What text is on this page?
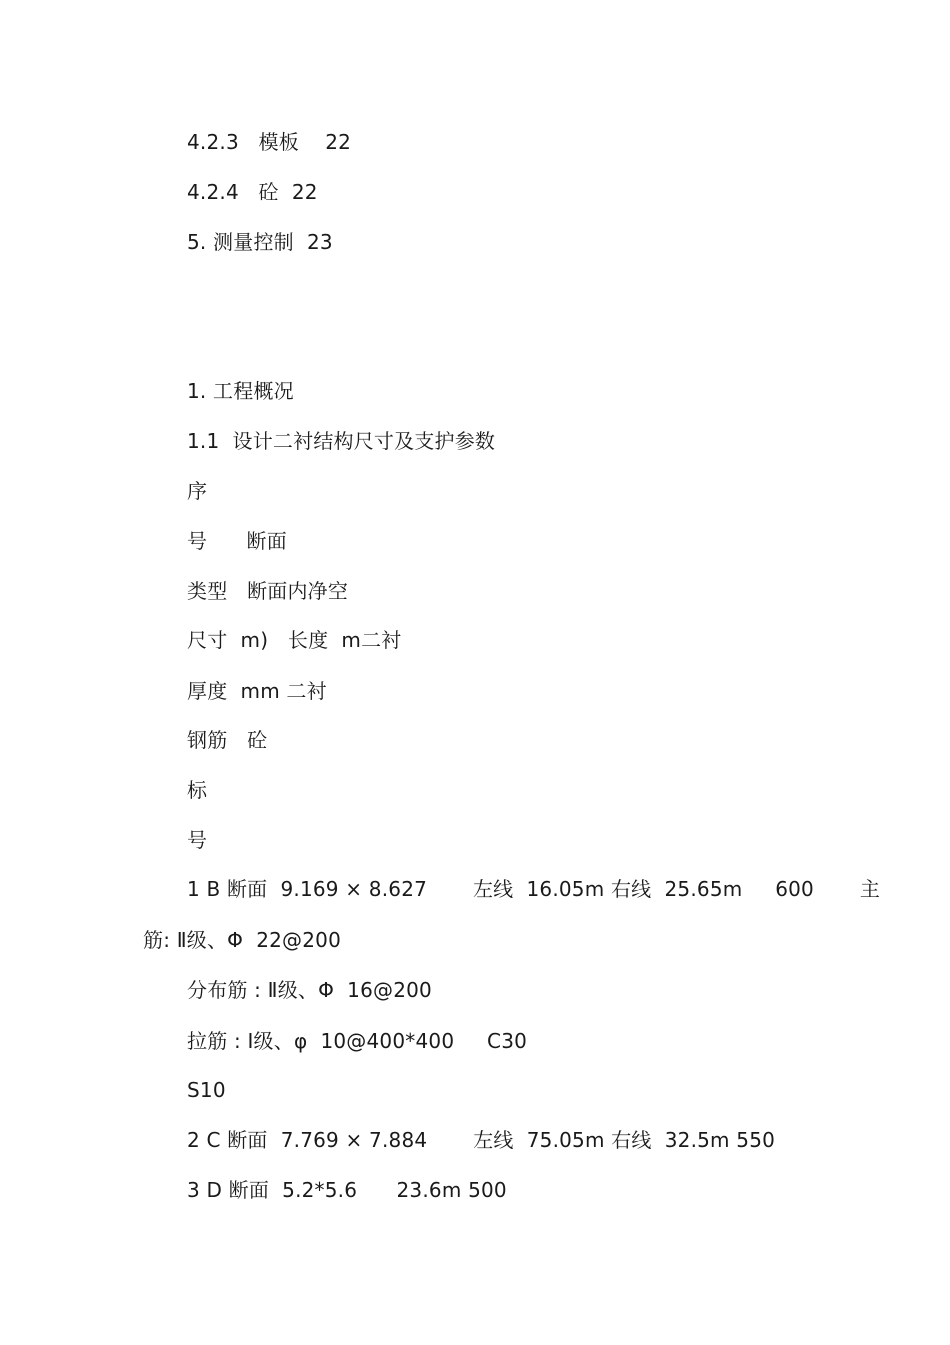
4.2.3   模板    22
4.2.4   砼  22
5. 测量控制  23
1. 工程概况
1.1  设计二衬结构尺寸及支护参数
序
号      断面
类型   断面内净空
尺寸  m)   长度  m二衬
厚度  mm 二衬
钢筋   砼
标
号
1 B 断面  9.169 × 8.627       左线  16.05m 右线  25.65m     600       主
筋: Ⅱ级、Φ  22@200
分布筋 : Ⅱ级、Φ  16@200
拉筋 : Ⅰ级、φ  10@400*400     C30
S10
2 C 断面  7.769 × 7.884       左线  75.05m 右线  32.5m 550
3 D 断面  5.2*5.6      23.6m 500
